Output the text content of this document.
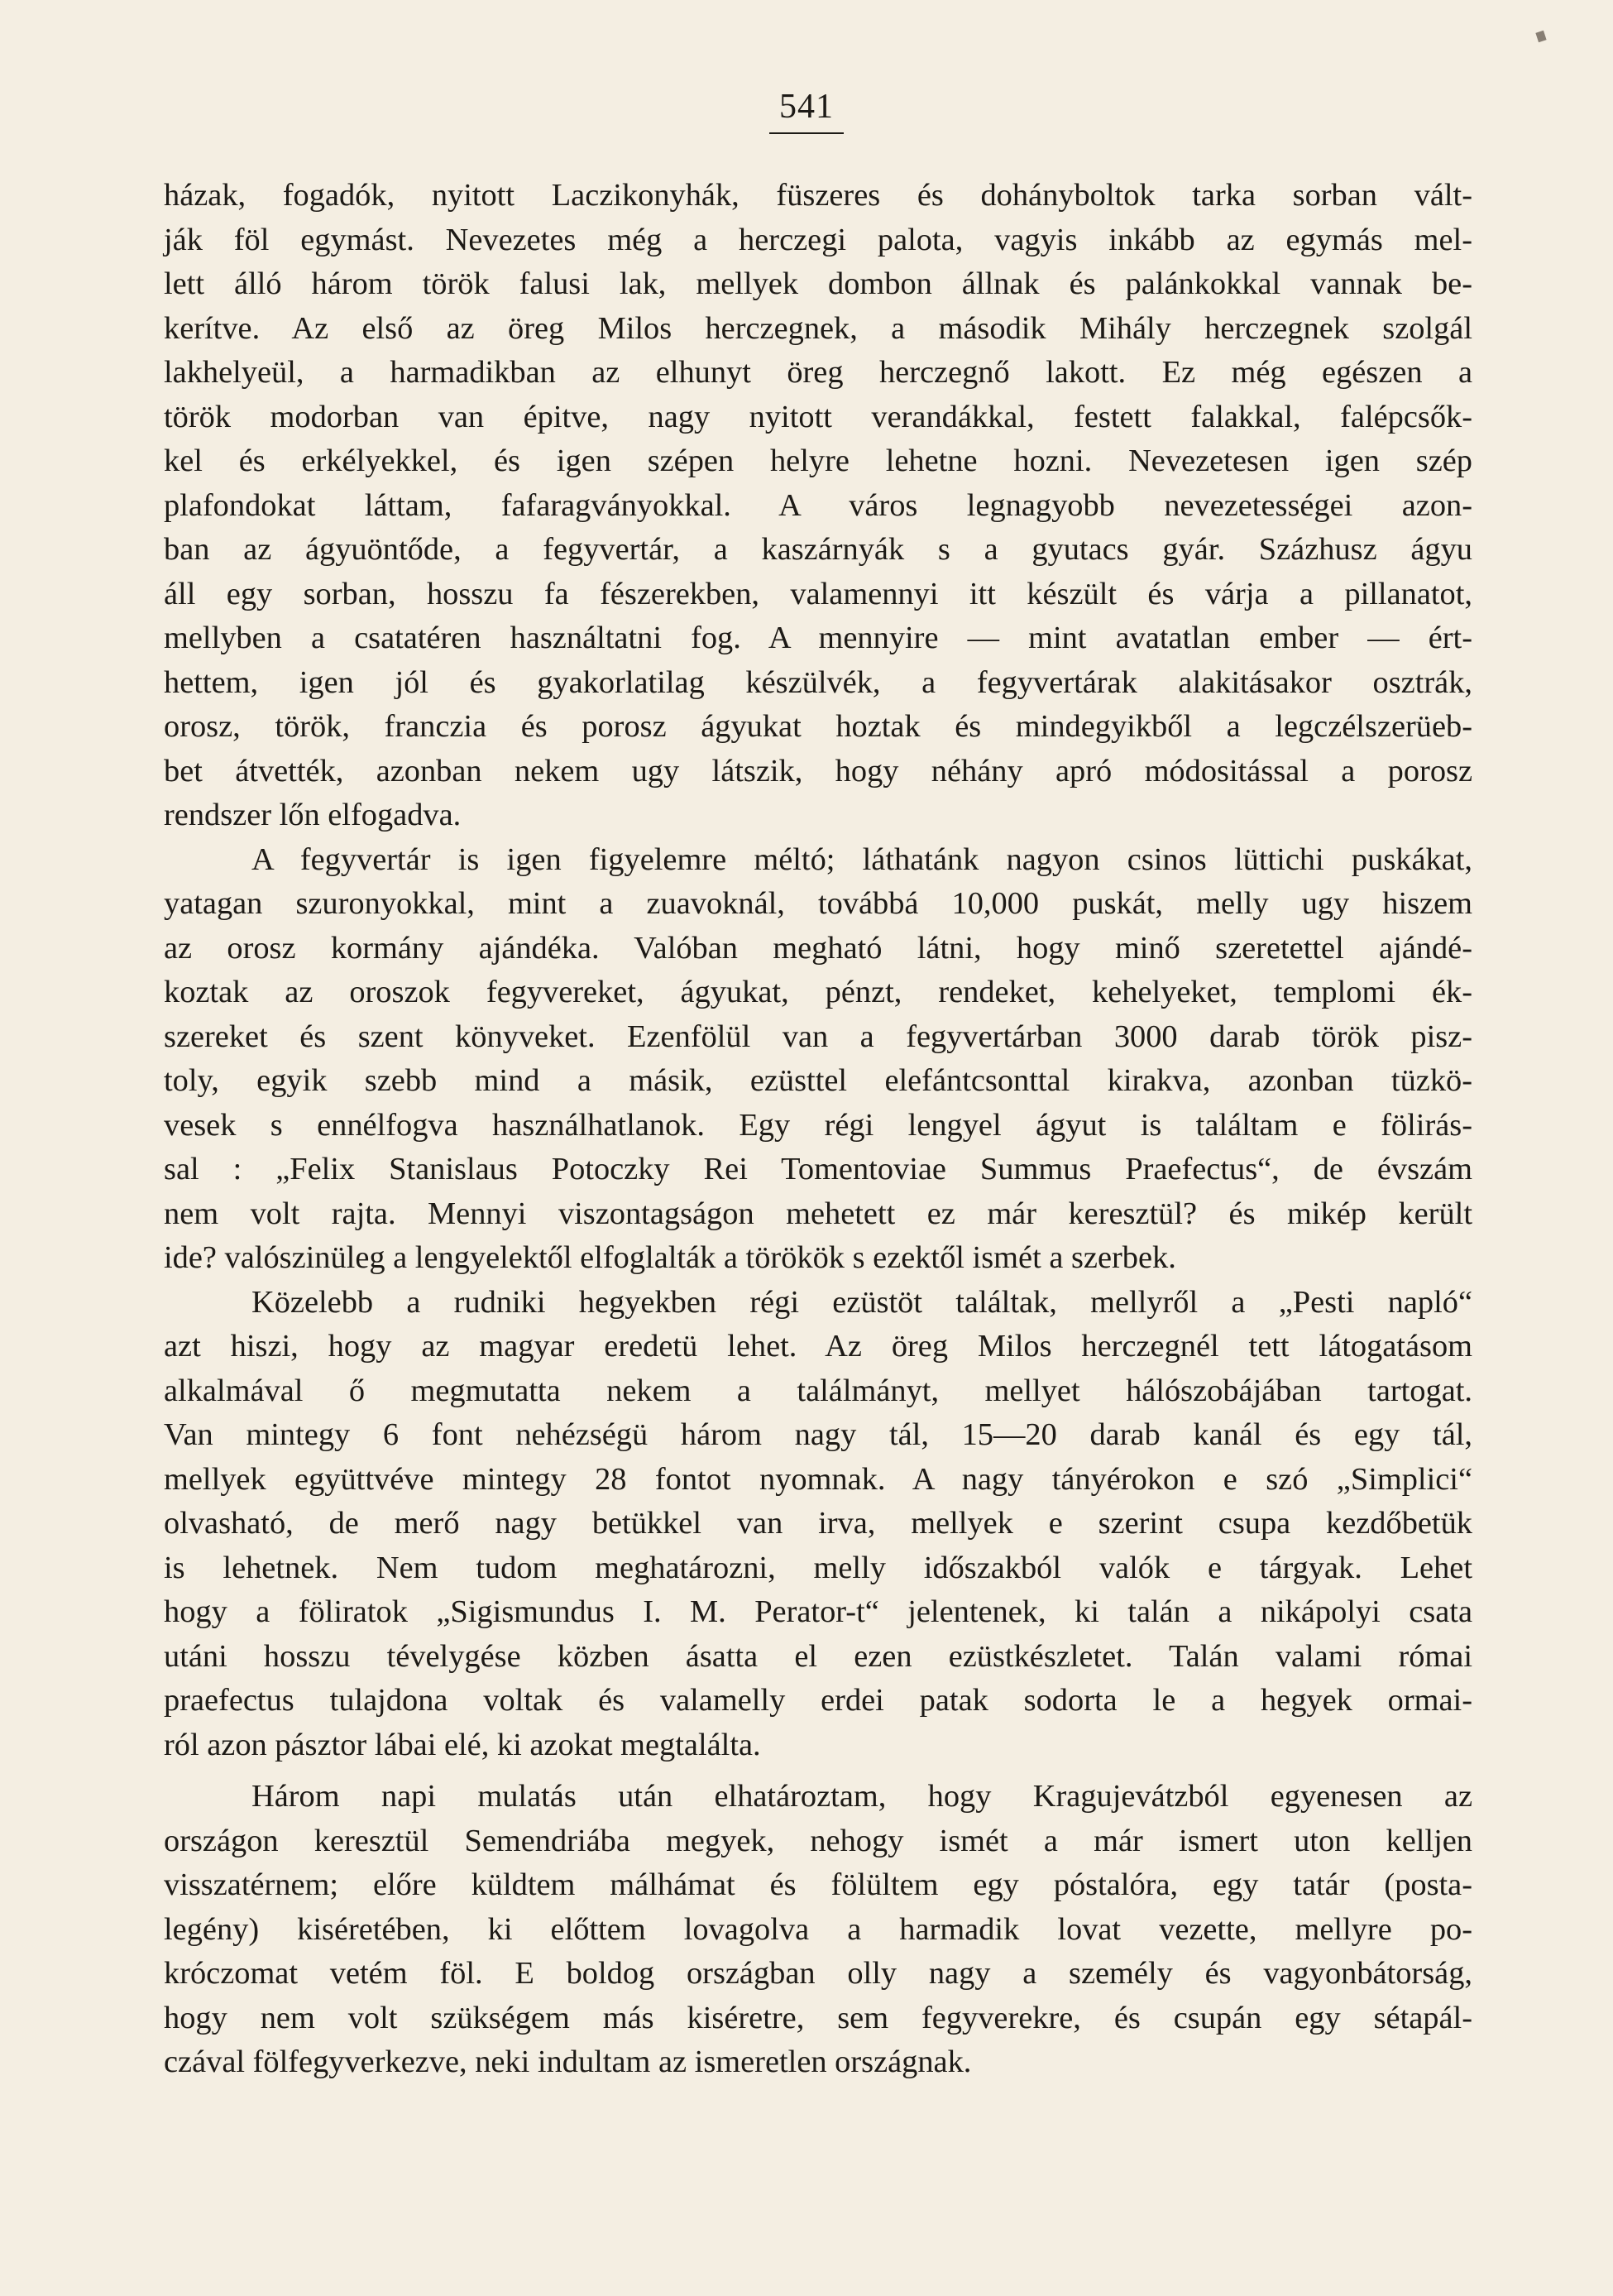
541
házak, fogadók, nyitott Laczikonyhák, füszeres és dohányboltok tarka sorban vált-
ják föl egymást. Nevezetes még a herczegi palota, vagyis inkább az egymás mel-
lett álló három török falusi lak, mellyek dombon állnak és palánkokkal vannak be-
kerítve. Az első az öreg Milos herczegnek, a második Mihály herczegnek szolgál
lakhelyeül, a harmadikban az elhunyt öreg herczegnő lakott. Ez még egészen a
török modorban van épitve, nagy nyitott verandákkal, festett falakkal, falépcsők-
kel és erkélyekkel, és igen szépen helyre lehetne hozni. Nevezetesen igen szép
plafondokat láttam, fafaragványokkal. A város legnagyobb nevezetességei azon-
ban az ágyuöntőde, a fegyvertár, a kaszárnyák s a gyutacs gyár. Százhusz ágyu
áll egy sorban, hosszu fa fészerekben, valamennyi itt készült és várja a pillanatot,
mellyben a csatatéren használtatni fog. A mennyire — mint avatatlan ember — ért-
hettem, igen jól és gyakorlatilag készülvék, a fegyvertárak alakitásakor osztrák,
orosz, török, franczia és porosz ágyukat hoztak és mindegyikből a legczélszerüeb-
bet átvették, azonban nekem ugy látszik, hogy néhány apró módositással a porosz
rendszer lőn elfogadva.
A fegyvertár is igen figyelemre méltó; láthatánk nagyon csinos lüttichi puskákat,
yatagan szuronyokkal, mint a zuavoknál, továbbá 10,000 puskát, melly ugy hiszem
az orosz kormány ajándéka. Valóban megható látni, hogy minő szeretettel ajándé-
koztak az oroszok fegyvereket, ágyukat, pénzt, rendeket, kehelyeket, templomi ék-
szereket és szent könyveket. Ezenfölül van a fegyvertárban 3000 darab török pisz-
toly, egyik szebb mind a másik, ezüsttel elefántcsonttal kirakva, azonban tüzkö-
vesek s ennélfogva használhatlanok. Egy régi lengyel ágyut is találtam e fölirás-
sal : „Felix Stanislaus Potoczky Rei Tomentoviae Summus Praefectus“, de évszám
nem volt rajta. Mennyi viszontagságon mehetett ez már keresztül? és mikép került
ide? valószinüleg a lengyelektől elfoglalták a törökök s ezektől ismét a szerbek.
Közelebb a rudniki hegyekben régi ezüstöt találtak, mellyről a „Pesti napló“
azt hiszi, hogy az magyar eredetü lehet. Az öreg Milos herczegnél tett látogatásom
alkalmával ő megmutatta nekem a találmányt, mellyet hálószobájában tartogat.
Van mintegy 6 font nehézségü három nagy tál, 15—20 darab kanál és egy tál,
mellyek együttvéve mintegy 28 fontot nyomnak. A nagy tányérokon e szó „Simplici“
olvasható, de merő nagy betükkel van irva, mellyek e szerint csupa kezdőbetük
is lehetnek. Nem tudom meghatározni, melly időszakból valók e tárgyak. Lehet
hogy a föliratok „Sigismundus I. M. Perator-t“ jelentenek, ki talán a nikápolyi csata
utáni hosszu tévelygése közben ásatta el ezen ezüstkészletet. Talán valami római
praefectus tulajdona voltak és valamelly erdei patak sodorta le a hegyek ormai-
ról azon pásztor lábai elé, ki azokat megtalálta.
Három napi mulatás után elhatároztam, hogy Kragujevátzból egyenesen az
országon keresztül Semendriába megyek, nehogy ismét a már ismert uton kelljen
visszatérnem; előre küldtem málhámat és fölültem egy póstalóra, egy tatár (posta-
legény) kiséretében, ki előttem lovagolva a harmadik lovat vezette, mellyre po-
króczomat vetém föl. E boldog országban olly nagy a személy és vagyonbátorság,
hogy nem volt szükségem más kiséretre, sem fegyverekre, és csupán egy sétapál-
czával fölfegyverkezve, neki indultam az ismeretlen országnak.
